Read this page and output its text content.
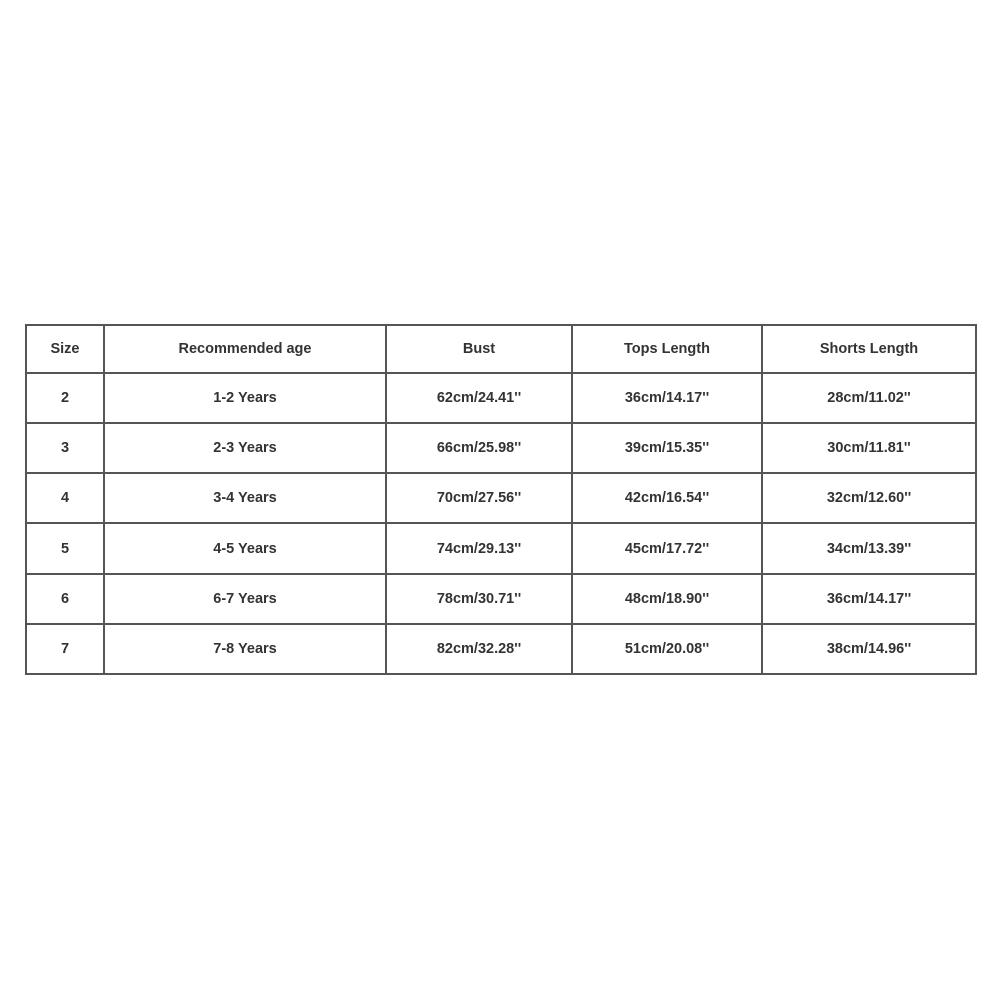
Size	Recommended age	Bust	Tops Length	Shorts Length
2	1-2 Years	62cm/24.41''	36cm/14.17''	28cm/11.02''
3	2-3 Years	66cm/25.98''	39cm/15.35''	30cm/11.81''
4	3-4 Years	70cm/27.56''	42cm/16.54''	32cm/12.60''
5	4-5 Years	74cm/29.13''	45cm/17.72''	34cm/13.39''
6	6-7 Years	78cm/30.71''	48cm/18.90''	36cm/14.17''
7	7-8 Years	82cm/32.28''	51cm/20.08''	38cm/14.96''
